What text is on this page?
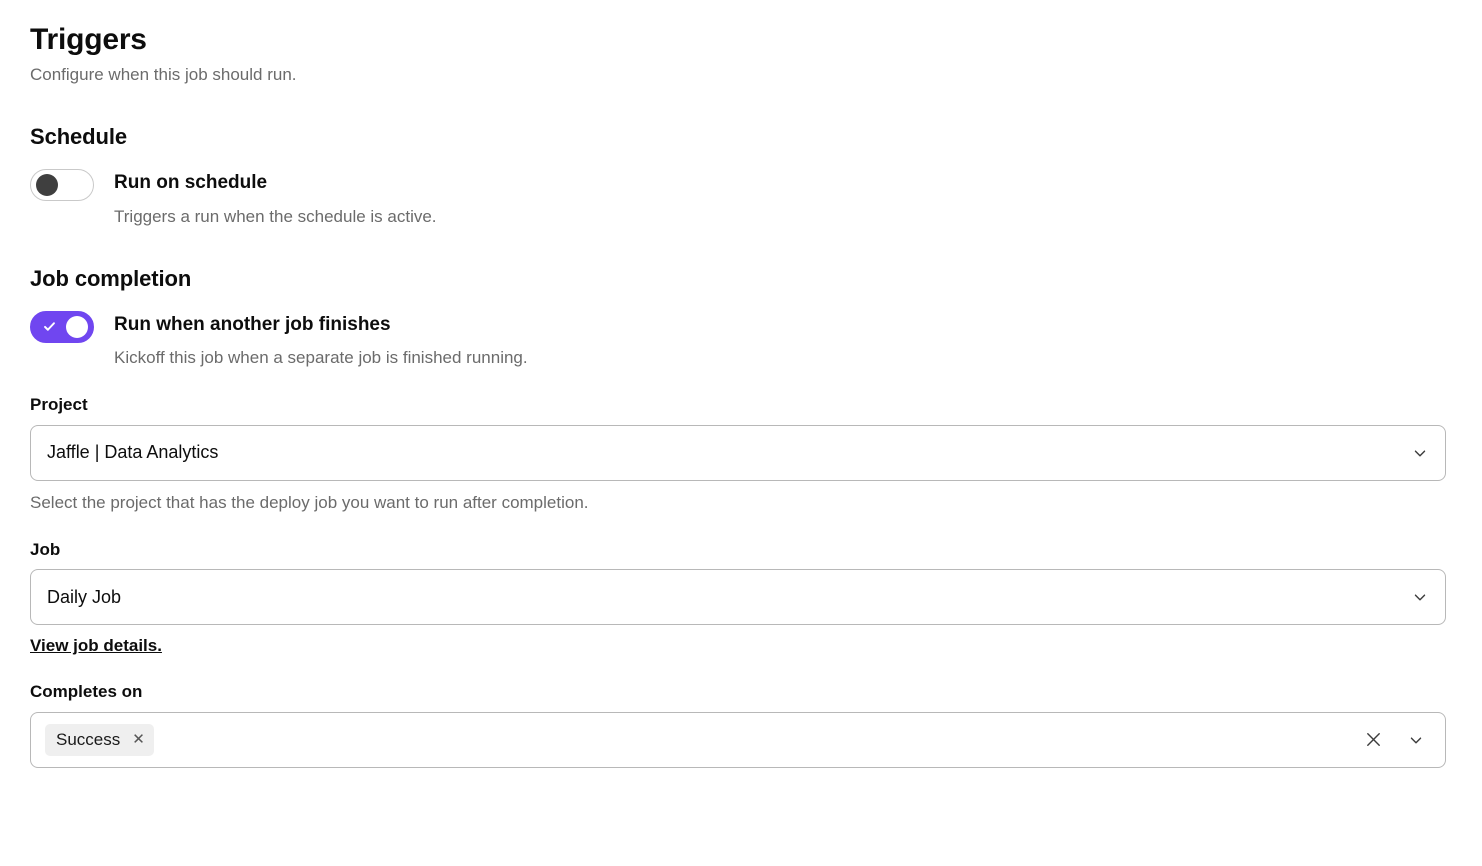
Triggers

Configure when this job should run.

Schedule

Run on schedule

Triggers a run when the schedule is active.

Job completion

Run when another job finishes

Kickoff this job when a separate job is finished running.

Project

Jaffle | Data Analytics

Select the project that has the deploy job you want to run after completion.

Job

Daily Job
View job details.

Completes on

Success ✕
